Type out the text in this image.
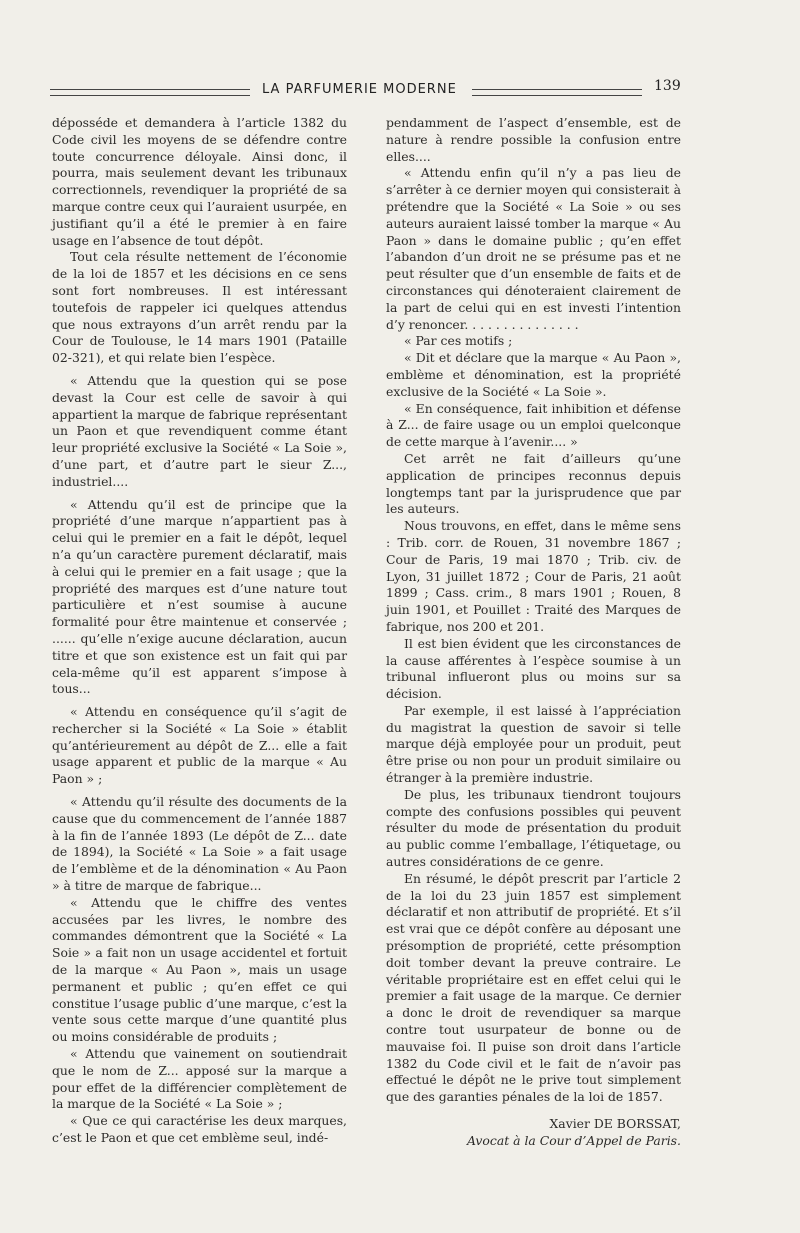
LA PARFUMERIE MODERNE	139

déposséde et demandera à l’article 1382 du Code civil les moyens de se défendre contre toute concurrence déloyale. Ainsi donc, il pourra, mais seulement devant les tribunaux correctionnels, revendiquer la propriété de sa marque contre ceux qui l’auraient usurpée, en justifiant qu’il a été le premier à en faire usage en l’absence de tout dépôt.

Tout cela résulte nettement de l’économie de la loi de 1857 et les décisions en ce sens sont fort nombreuses. Il est intéressant toutefois de rappeler ici quelques attendus que nous extrayons d’un arrêt rendu par la Cour de Toulouse, le 14 mars 1901 (Pataille 02-321), et qui relate bien l’espèce.

« Attendu que la question qui se pose devast la Cour est celle de savoir à qui appartient la marque de fabrique représentant un Paon et que revendiquent comme étant leur propriété exclusive la Société « La Soie », d’une part, et d’autre part le sieur Z..., industriel....

« Attendu qu’il est de principe que la propriété d’une marque n’appartient pas à celui qui le premier en a fait le dépôt, lequel n’a qu’un caractère purement déclaratif, mais à celui qui le premier en a fait usage ; que la propriété des marques est d’une nature tout particulière et n’est soumise à aucune formalité pour être maintenue et conservée ; ...... qu’elle n’exige aucune déclaration, aucun titre et que son existence est un fait qui par cela-même qu’il est apparent s’impose à tous...

« Attendu en conséquence qu’il s’agit de rechercher si la Société « La Soie » établit qu’antérieurement au dépôt de Z... elle a fait usage apparent et public de la marque « Au Paon » ;

« Attendu qu’il résulte des documents de la cause que du commencement de l’année 1887 à la fin de l’année 1893 (Le dépôt de Z... date de 1894), la Société « La Soie » a fait usage de l’emblème et de la dénomination « Au Paon » à titre de marque de fabrique...

« Attendu que le chiffre des ventes accusées par les livres, le nombre des commandes démontrent que la Société « La Soie » a fait non un usage accidentel et fortuit de la marque « Au Paon », mais un usage permanent et public ; qu’en effet ce qui constitue l’usage public d’une marque, c’est la vente sous cette marque d’une quantité plus ou moins considérable de produits ;

« Attendu que vainement on soutiendrait que le nom de Z... apposé sur la marque a pour effet de la différencier complètement de la marque de la Société « La Soie » ;

« Que ce qui caractérise les deux marques, c’est le Paon et que cet emblème seul, indé-

pendamment de l’aspect d’ensemble, est de nature à rendre possible la confusion entre elles....

« Attendu enfin qu’il n’y a pas lieu de s’arrêter à ce dernier moyen qui consisterait à prétendre que la Société « La Soie » ou ses auteurs auraient laissé tomber la marque « Au Paon » dans le domaine public ; qu’en effet l’abandon d’un droit ne se présume pas et ne peut résulter que d’un ensemble de faits et de circonstances qui dénoteraient clairement de la part de celui qui en est investi l’intention d’y renoncer. . . . . . . . . . . . . . .

« Par ces motifs ;

« Dit et déclare que la marque « Au Paon », emblème et dénomination, est la propriété exclusive de la Société « La Soie ».

« En conséquence, fait inhibition et défense à Z... de faire usage ou un emploi quelconque de cette marque à l’avenir.... »

Cet arrêt ne fait d’ailleurs qu’une application de principes reconnus depuis longtemps tant par la jurisprudence que par les auteurs.

Nous trouvons, en effet, dans le même sens : Trib. corr. de Rouen, 31 novembre 1867 ; Cour de Paris, 19 mai 1870 ; Trib. civ. de Lyon, 31 juillet 1872 ; Cour de Paris, 21 août 1899 ; Cass. crim., 8 mars 1901 ; Rouen, 8 juin 1901, et Pouillet : Traité des Marques de fabrique, nos 200 et 201.

Il est bien évident que les circonstances de la cause afférentes à l’espèce soumise à un tribunal influeront plus ou moins sur sa décision.

Par exemple, il est laissé à l’appréciation du magistrat la question de savoir si telle marque déjà employée pour un produit, peut être prise ou non pour un produit similaire ou étranger à la première industrie.

De plus, les tribunaux tiendront toujours compte des confusions possibles qui peuvent résulter du mode de présentation du produit au public comme l’emballage, l’étiquetage, ou autres considérations de ce genre.

En résumé, le dépôt prescrit par l’article 2 de la loi du 23 juin 1857 est simplement déclaratif et non attributif de propriété. Et s’il est vrai que ce dépôt confère au déposant une présomption de propriété, cette présomption doit tomber devant la preuve contraire. Le véritable propriétaire est en effet celui qui le premier a fait usage de la marque. Ce dernier a donc le droit de revendiquer sa marque contre tout usurpateur de bonne ou de mauvaise foi. Il puise son droit dans l’article 1382 du Code civil et le fait de n’avoir pas effectué le dépôt ne le prive tout simplement que des garanties pénales de la loi de 1857.

Xavier DE BORSSAT,
Avocat à la Cour d’Appel de Paris.
